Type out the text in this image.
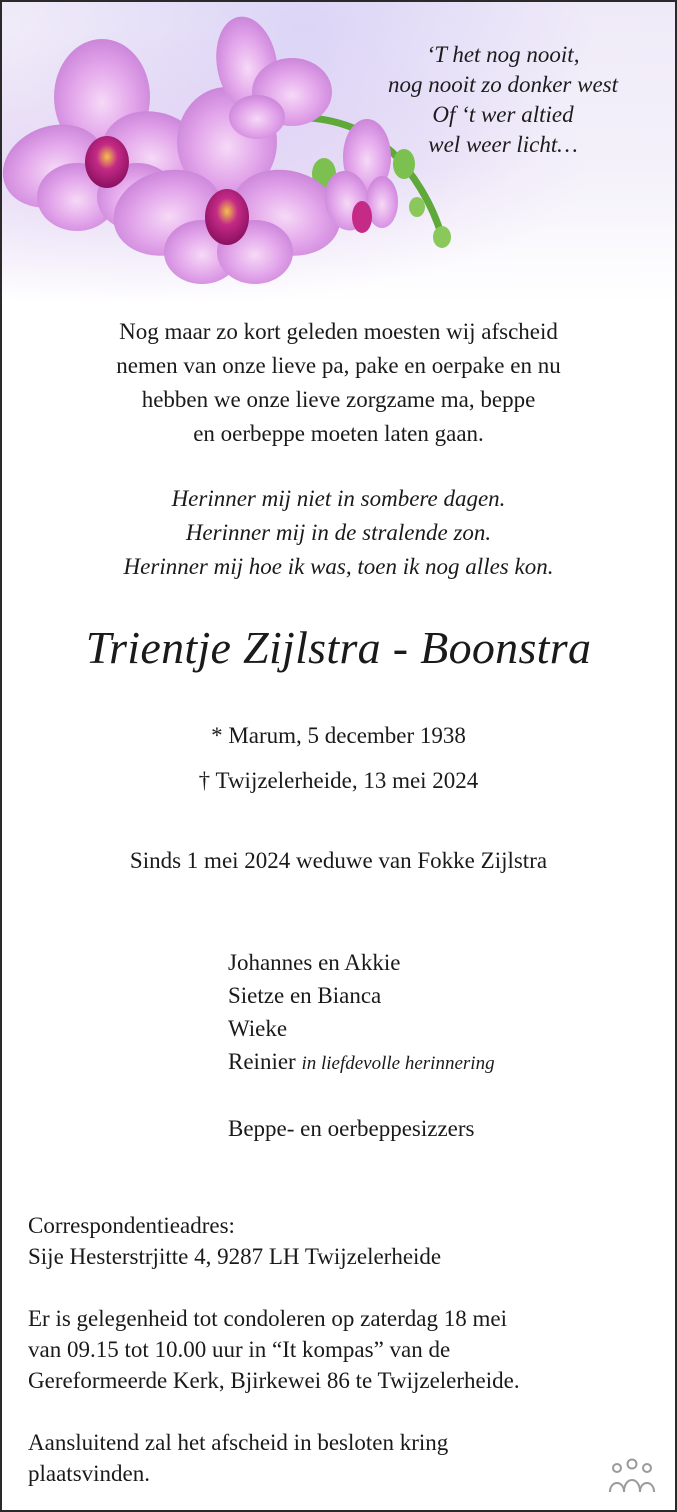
‘T het nog nooit,
nog nooit zo donker west
Of ‘t wer altied
wel weer licht…
Nog maar zo kort geleden moesten wij afscheid
nemen van onze lieve pa, pake en oerpake en nu
hebben we onze lieve zorgzame ma, beppe
en oerbeppe moeten laten gaan.
Herinner mij niet in sombere dagen.
Herinner mij in de stralende zon.
Herinner mij hoe ik was, toen ik nog alles kon.
Trientje Zijlstra - Boonstra
* Marum, 5 december 1938
† Twijzelerheide, 13 mei 2024
Sinds 1 mei 2024 weduwe van Fokke Zijlstra
Johannes en Akkie
Sietze en Bianca
Wieke
Reinier in liefdevolle herinnering
Beppe- en oerbeppesizzers

Correspondentieadres:
Sije Hesterstrjitte 4, 9287 LH Twijzelerheide

Er is gelegenheid tot condoleren op zaterdag 18 mei
van 09.15 tot 10.00 uur in “It kompas” van de
Gereformeerde Kerk, Bjirkewei 86 te Twijzelerheide.

Aansluitend zal het afscheid in besloten kring
plaatsvinden.
